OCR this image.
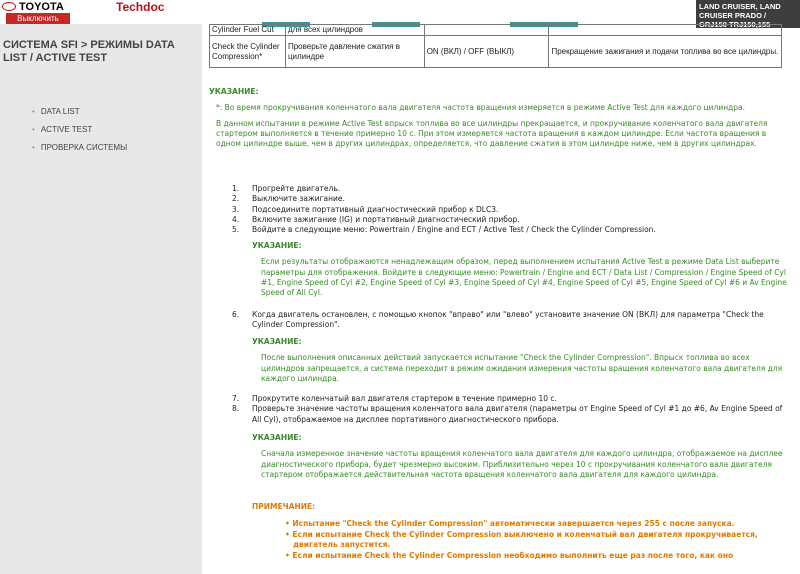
TOYOTA
Выключить
Techdoc	LAND CRUISER, LAND
CRUISER PRADO /
GRJ150 TRJ150,155
KDJ150,155 LJ150
СИСТЕМА SFI > РЕЖИМЫ DATA LIST / ACTIVE TEST
• DATA LIST
• ACTIVE TEST
• ПРОВЕРКА СИСТЕМЫ
Cylinder Fuel Cut	для всех цилиндров		
Check the Cylinder Compression*	Проверьте давление сжатия в цилиндре	ON (ВКЛ) / OFF (ВЫКЛ)	Прекращение зажигания и подачи топлива во все цилиндры.
УКАЗАНИЕ:
*: Во время прокручивания коленчатого вала двигателя частота вращения измеряется в режиме Active Test для каждого цилиндра.
В данном испытании в режиме Active Test впрыск топлива во все цилиндры прекращается, и прокручивание коленчатого вала двигателя стартером выполняется в течение примерно 10 с. При этом измеряется частота вращения в каждом цилиндре. Если частота вращения в одном цилиндре выше, чем в других цилиндрах, определяется, что давление сжатия в этом цилиндре ниже, чем в других цилиндрах.
1. Прогрейте двигатель.
2. Выключите зажигание.
3. Подсоедините портативный диагностический прибор к DLC3.
4. Включите зажигание (IG) и портативный диагностический прибор.
5. Войдите в следующие меню: Powertrain / Engine and ECT / Active Test / Check the Cylinder Compression.
УКАЗАНИЕ:
Если результаты отображаются ненадлежащим образом, перед выполнением испытания Active Test в режиме Data List выберите параметры для отображения. Войдите в следующие меню: Powertrain / Engine and ECT / Data List / Compression / Engine Speed of Cyl #1, Engine Speed of Cyl #2, Engine Speed of Cyl #3, Engine Speed of Cyl #4, Engine Speed of Cyl #5, Engine Speed of Cyl #6 и Av Engine Speed of All Cyl.
6. Когда двигатель остановлен, с помощью кнопок "вправо" или "влево" установите значение ON (ВКЛ) для параметра "Check the Cylinder Compression".
УКАЗАНИЕ:
После выполнения описанных действий запускается испытание "Check the Cylinder Compression". Впрыск топлива во всех цилиндров запрещается, а система переходит в режим ожидания измерения частоты вращения коленчатого вала двигателя для каждого цилиндра.
7. Прокрутите коленчатый вал двигателя стартером в течение примерно 10 с.
8. Проверьте значение частоты вращения коленчатого вала двигателя (параметры от Engine Speed of Cyl #1 до #6, Av Engine Speed of All Cyl), отображаемое на дисплее портативного диагностического прибора.
УКАЗАНИЕ:
Сначала измеренное значение частоты вращения коленчатого вала двигателя для каждого цилиндра, отображаемое на дисплее диагностического прибора, будет чрезмерно высоким. Приблизительно через 10 с прокручивания коленчатого вала двигателя стартером отображается действительная частота вращения коленчатого вала двигателя для каждого цилиндра.
ПРИМЕЧАНИЕ:
• Испытание "Check the Cylinder Compression" автоматически завершается через 255 с после запуска.
• Если испытание Check the Cylinder Compression выключено и коленчатый вал двигателя прокручивается, двигатель запустится.
• Если испытание Check the Cylinder Compression необходимо выполнить еще раз после того, как оно
